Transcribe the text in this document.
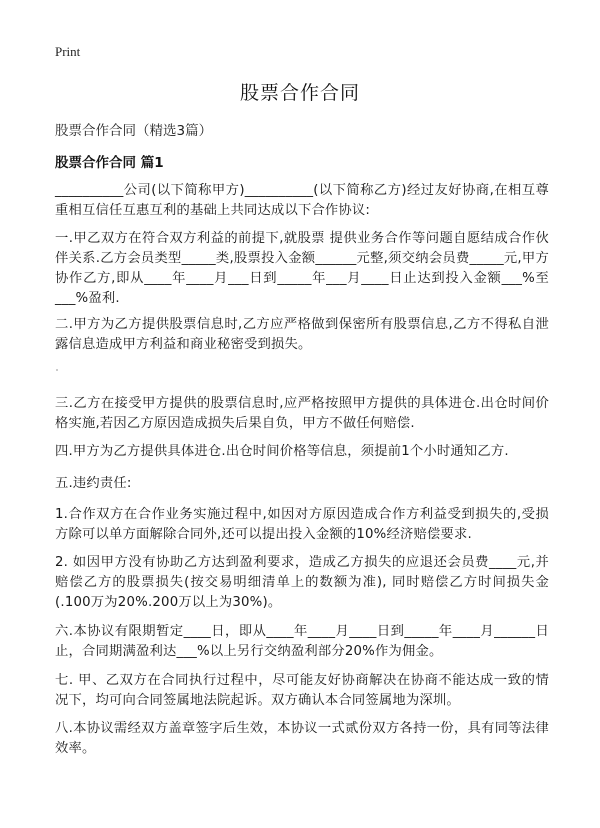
Print
股票合作合同
股票合作合同（精选3篇）
股票合作合同 篇1
__________公司(以下简称甲方)__________(以下简称乙方)经过友好协商,在相互尊重相互信任互惠互利的基础上共同达成以下合作协议:
一.甲乙双方在符合双方利益的前提下,就股票 提供业务合作等问题自愿结成合作伙伴关系.乙方会员类型_____类,股票投入金额______元整,须交纳会员费_____元,甲方协作乙方,即从____年____月___日到_____年___月____日止达到投入金额___%至___%盈利.
二.甲方为乙方提供股票信息时,乙方应严格做到保密所有股票信息,乙方不得私自泄露信息造成甲方利益和商业秘密受到损失。
三.乙方在接受甲方提供的股票信息时,应严格按照甲方提供的具体进仓.出仓时间价格实施,若因乙方原因造成损失后果自负，甲方不做任何赔偿.
四.甲方为乙方提供具体进仓.出仓时间价格等信息，须提前1个小时通知乙方.
五.违约责任:
1.合作双方在合作业务实施过程中,如因对方原因造成合作方利益受到损失的,受损方除可以单方面解除合同外,还可以提出投入金额的10%经济赔偿要求.
2. 如因甲方没有协助乙方达到盈利要求，造成乙方损失的应退还会员费____元,并赔偿乙方的股票损失(按交易明细清单上的数额为准), 同时赔偿乙方时间损失金(.100万为20%.200万以上为30%)。
六.本协议有限期暂定____日，即从____年____月____日到_____年____月______日止，合同期满盈利达___%以上另行交纳盈利部分20%作为佣金。
七. 甲、乙双方在合同执行过程中，尽可能友好协商解决在协商不能达成一致的情况下，均可向合同签属地法院起诉。双方确认本合同签属地为深圳。
八.本协议需经双方盖章签字后生效，本协议一式贰份双方各持一份，具有同等法律效率。
